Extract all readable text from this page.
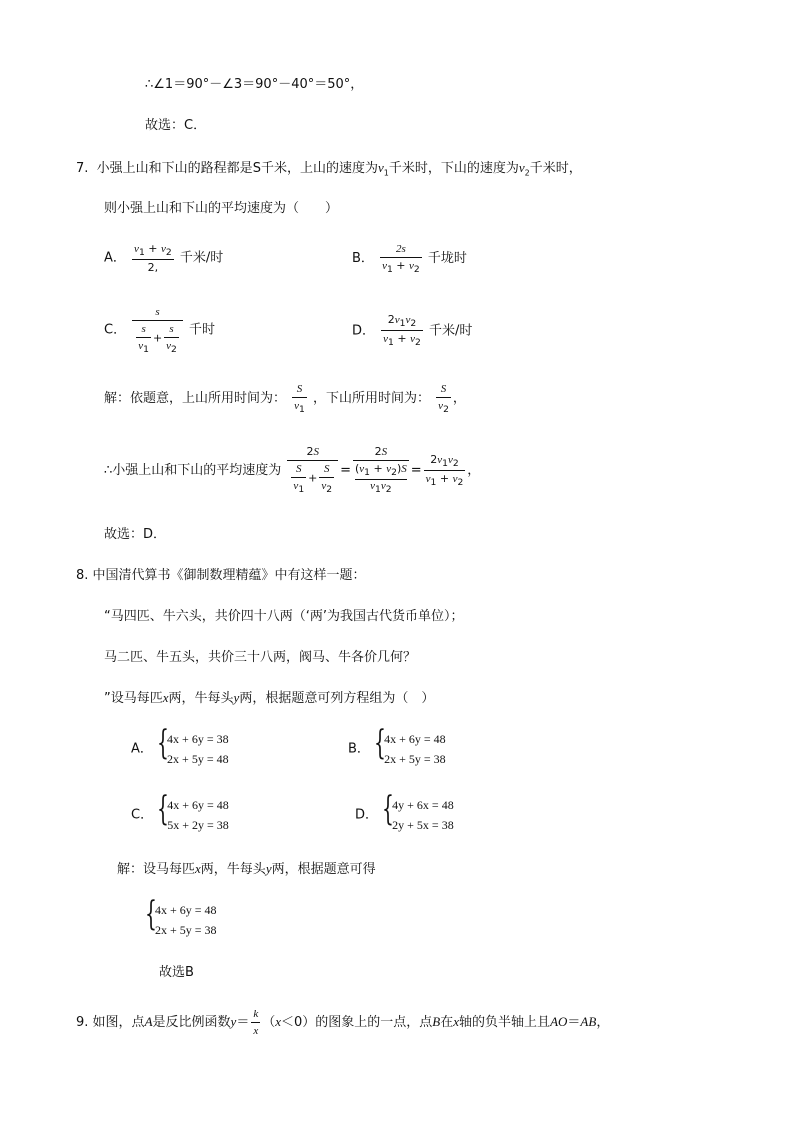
∴∠1＝90°－∠3＝90°－40°＝50°，
故选：C．
7. 小强上山和下山的路程都是S千米，上山的速度为$v_1$千米时，下山的速度为$v_2$千米时，
则小强上山和下山的平均速度为（　　）
A． $\frac{v_1 + v_2}{2,}$ 千米/时	B． $\frac{2s}{v_1 + v_2}$ 千垅时
C． $\frac{s}{\frac{s}{v_1} + \frac{s}{v_2}}$ 千时	D． $\frac{2v_1v_2}{v_1 + v_2}$ 千米/时
解：依题意，上山所用时间为： $\frac{S}{v_1}$ ，下山所用时间为： $\frac{S}{v_2}$ ，
∴小强上山和下山的平均速度为 $\frac{2S}{\frac{S}{v_1} + \frac{S}{v_2}}$ =
2S
$(v_1 + v_2)S$
$v_1v_2$
= $\frac{2v_1v_2}{v_1 + v_2}$ ，
故选：D．
8. 中国清代算书《御制数理精蕴》中有这样一题：
“马四匹、牛六头，共价四十八两（‘两’为我国古代货币单位）；
马二匹、牛五头，共价三十八两，阀马、牛各价几何？
”设马每匹x两，牛每头y两，根据题意可列方程组为（　）
A． {
4x + 6y = 38
2x + 5y = 48
B． {
4x + 6y = 48
2x + 5y = 38
C． {
4x + 6y = 48
5x + 2y = 38
D． {
4y + 6x = 48
2y + 5x = 38
解：设马每匹x两，牛每头y两，根据题意可得
{
4x + 6y = 48
2x + 5y = 38
故选B
9. 如图，点A是反比例函数$y= \frac{k}{x} (x<0)$的图象上的一点，点B在x轴的负半轴上且AO＝AB，
